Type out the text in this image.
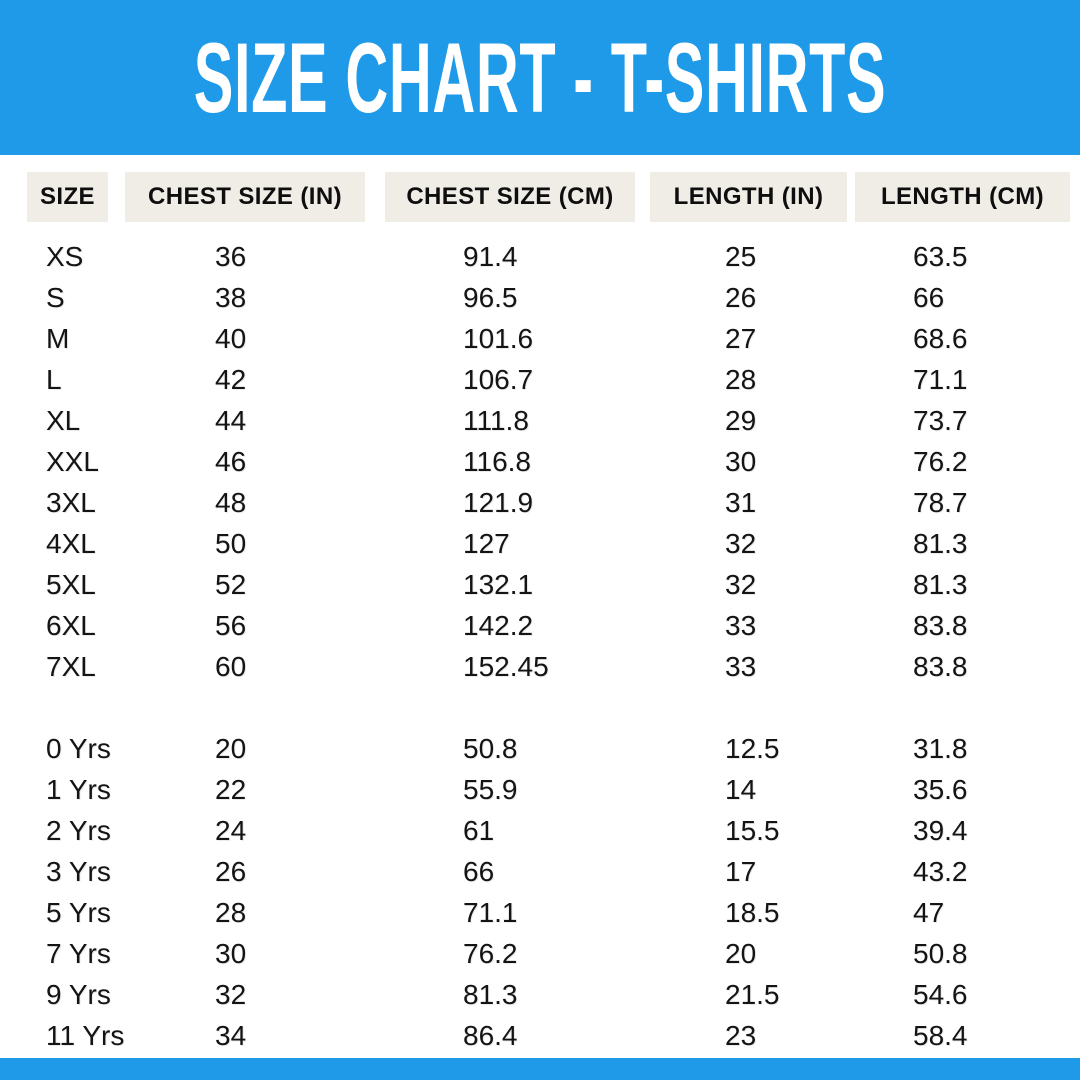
SIZE CHART - T-SHIRTS
SIZE	CHEST SIZE (IN)	CHEST SIZE (CM)	LENGTH (IN)	LENGTH (CM)

XS	36	91.4	25	63.5
S	38	96.5	26	66
M	40	101.6	27	68.6
L	42	106.7	28	71.1
XL	44	111.8	29	73.7
XXL	46	116.8	30	76.2
3XL	48	121.9	31	78.7
4XL	50	127	32	81.3
5XL	52	132.1	32	81.3
6XL	56	142.2	33	83.8
7XL	60	152.45	33	83.8

0 Yrs	20	50.8	12.5	31.8
1 Yrs	22	55.9	14	35.6
2 Yrs	24	61	15.5	39.4
3 Yrs	26	66	17	43.2
5 Yrs	28	71.1	18.5	47
7 Yrs	30	76.2	20	50.8
9 Yrs	32	81.3	21.5	54.6
11 Yrs	34	86.4	23	58.4
